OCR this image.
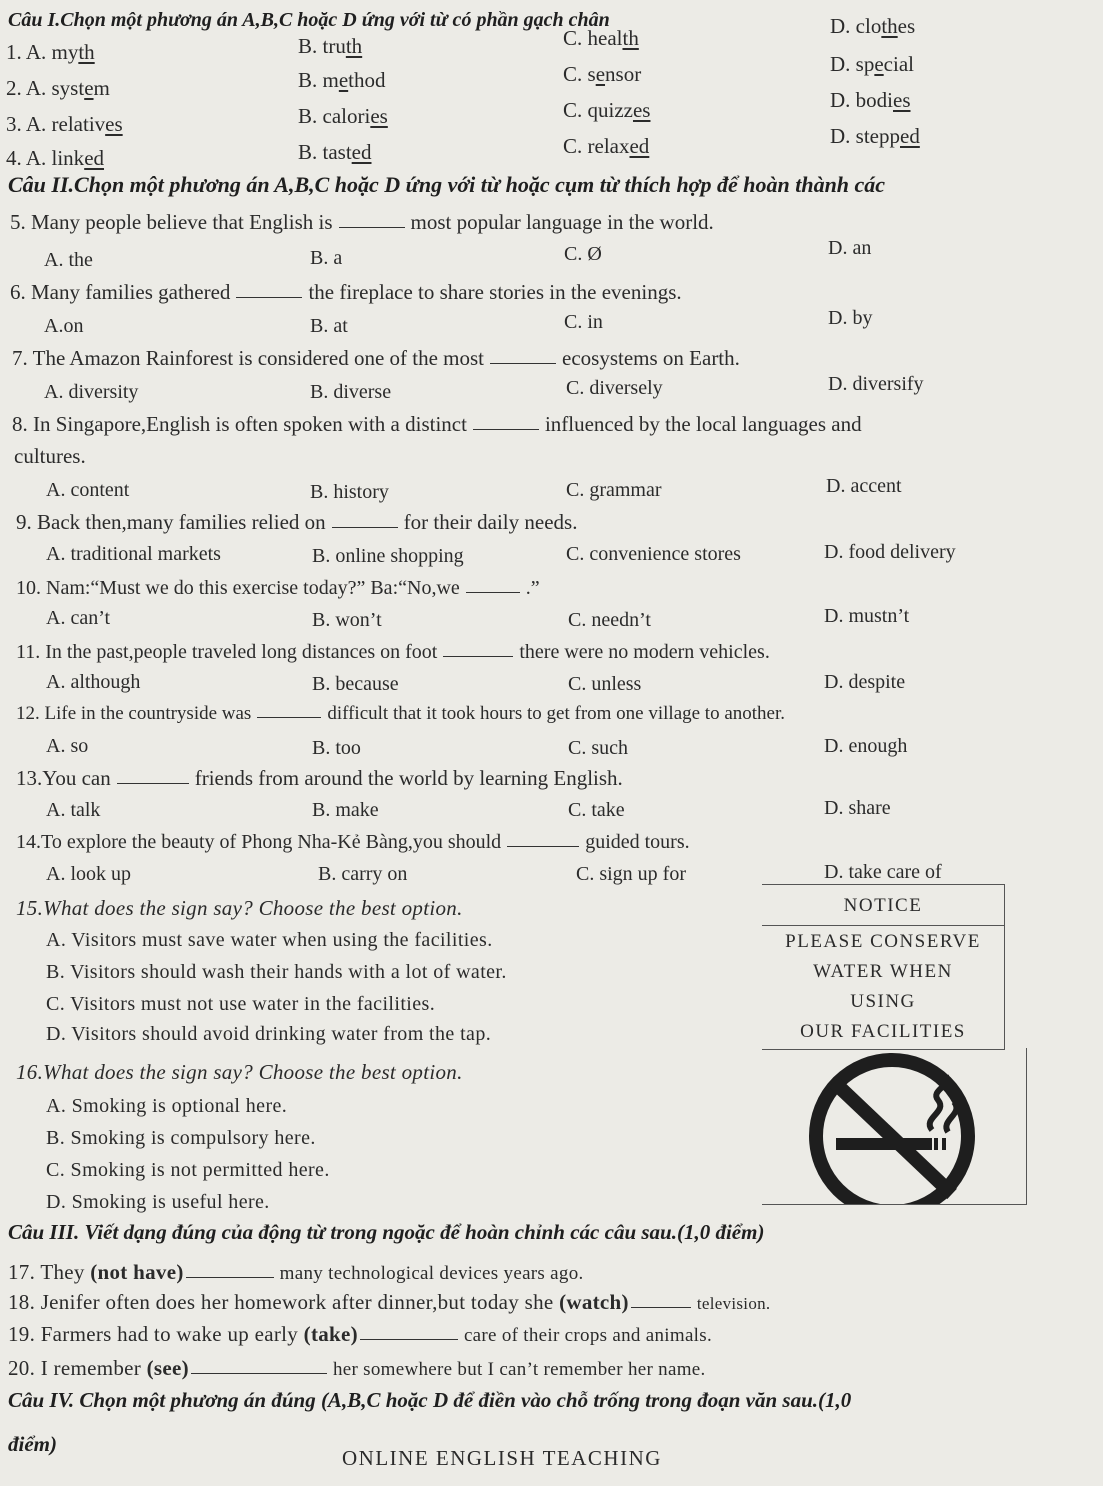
Câu I.Chọn một phương án A,B,C hoặc D ứng với từ có phần gạch chân
1. A. myth	B. truth	C. health	D. clothes
2. A. system	B. method	C. sensor	D. special
3. A. relatives	B. calories	C. quizzes	D. bodies
4. A. linked	B. tasted	C. relaxed	D. stepped
Câu II.Chọn một phương án A,B,C hoặc D ứng với từ hoặc cụm từ thích hợp để hoàn thành các
5. Many people believe that English is	most popular language in the world.
A. the	B. a	C. Ø	D. an
6. Many families gathered	the fireplace to share stories in the evenings.
A.on	B. at	C. in	D. by
7. The Amazon Rainforest is considered one of the most	ecosystems on Earth.
A. diversity	B. diverse	C. diversely	D. diversify
8. In Singapore,English is often spoken with a distinct	influenced by the local languages and
cultures.
A. content	B. history	C. grammar	D. accent
9. Back then,many families relied on	for their daily needs.
A. traditional markets	B. online shopping	C. convenience stores	D. food delivery
10. Nam:“Must we do this exercise today?” Ba:“No,we	.”
A. can’t	B. won’t	C. needn’t	D. mustn’t
11. In the past,people traveled long distances on foot	there were no modern vehicles.
A. although	B. because	C. unless	D. despite
12. Life in the countryside was	difficult that it took hours to get from one village to another.
A. so	B. too	C. such	D. enough
13.You can	friends from around the world by learning English.
A. talk	B. make	C. take	D. share
14.To explore the beauty of Phong Nha-Kẻ Bàng,you should	guided tours.
A. look up	B. carry on	C. sign up for	D. take care of
15.What does the sign say? Choose the best option.
A. Visitors must save water when using the facilities.
B. Visitors should wash their hands with a lot of water.
C. Visitors must not use water in the facilities.
D. Visitors should avoid drinking water from the tap.
NOTICE
PLEASE CONSERVE
WATER WHEN
USING
OUR FACILITIES
16.What does the sign say? Choose the best option.
A. Smoking is optional here.
B. Smoking is compulsory here.
C. Smoking is not permitted here.
D. Smoking is useful here.
Câu III. Viết dạng đúng của động từ trong ngoặc để hoàn chỉnh các câu sau.(1,0 điểm)
17. They (not have)	many technological devices years ago.
18. Jenifer often does her homework after dinner,but today she (watch)	television.
19. Farmers had to wake up early (take)	care of their crops and animals.
20. I remember (see)	her somewhere but I can’t remember her name.
Câu IV. Chọn một phương án đúng (A,B,C hoặc D để điền vào chỗ trống trong đoạn văn sau.(1,0
điểm)
ONLINE ENGLISH TEACHING
